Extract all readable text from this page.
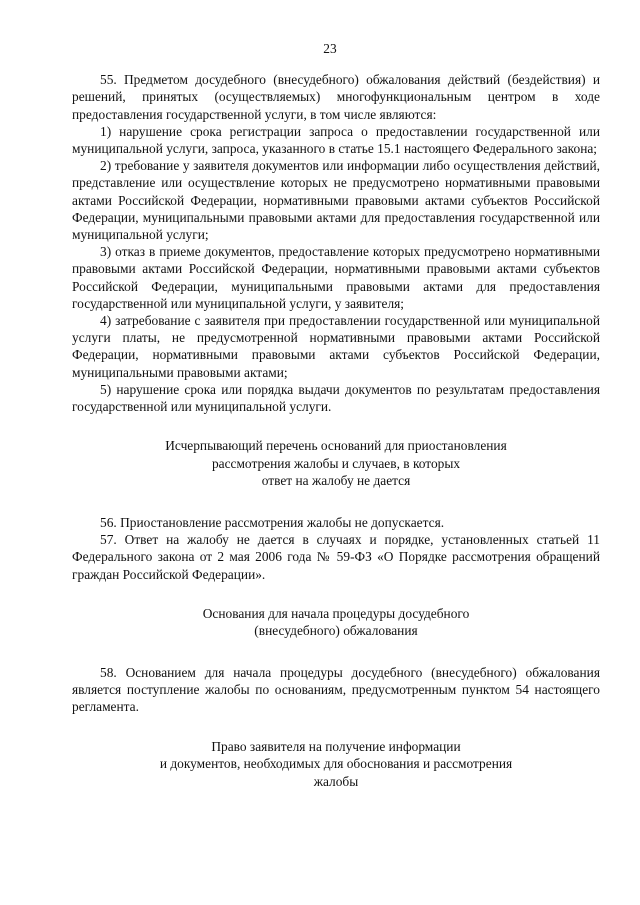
23

55. Предметом досудебного (внесудебного) обжалования действий (бездействия) и решений, принятых (осуществляемых) многофункциональным центром в ходе предоставления государственной услуги, в том числе являются:

1) нарушение срока регистрации запроса о предоставлении государственной или муниципальной услуги, запроса, указанного в статье 15.1 настоящего Федерального закона;

2) требование у заявителя документов или информации либо осуществления действий, представление или осуществление которых не предусмотрено нормативными правовыми актами Российской Федерации, нормативными правовыми актами субъектов Российской Федерации, муниципальными правовыми актами для предоставления государственной или муниципальной услуги;

3) отказ в приеме документов, предоставление которых предусмотрено нормативными правовыми актами Российской Федерации, нормативными правовыми актами субъектов Российской Федерации, муниципальными правовыми актами для предоставления государственной или муниципальной услуги, у заявителя;

4) затребование с заявителя при предоставлении государственной или муниципальной услуги платы, не предусмотренной нормативными правовыми актами Российской Федерации, нормативными правовыми актами субъектов Российской Федерации, муниципальными правовыми актами;

5) нарушение срока или порядка выдачи документов по результатам предоставления государственной или муниципальной услуги.

Исчерпывающий перечень оснований для приостановления
рассмотрения жалобы и случаев, в которых
ответ на жалобу не дается

56. Приостановление рассмотрения жалобы не допускается.

57. Ответ на жалобу не дается в случаях и порядке, установленных статьей 11 Федерального закона от 2 мая 2006 года № 59-ФЗ «О Порядке рассмотрения обращений граждан Российской Федерации».

Основания для начала процедуры досудебного
(внесудебного) обжалования

58. Основанием для начала процедуры досудебного (внесудебного) обжалования является поступление жалобы по основаниям, предусмотренным пунктом 54 настоящего регламента.

Право заявителя на получение информации
и документов, необходимых для обоснования и рассмотрения
жалобы
